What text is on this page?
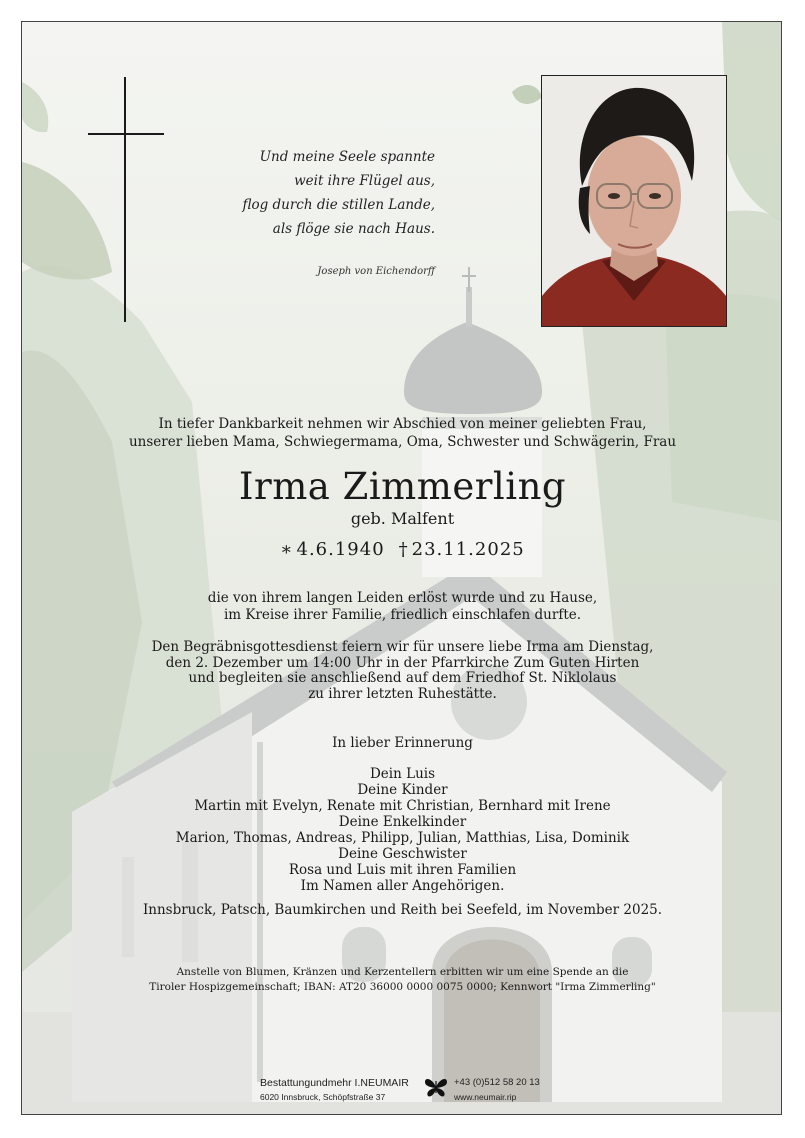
Und meine Seele spannte
weit ihre Flügel aus,
flog durch die stillen Lande,
als flöge sie nach Haus.
Joseph von Eichendorff
In tiefer Dankbarkeit nehmen wir Abschied von meiner geliebten Frau,
unserer lieben Mama, Schwiegermama, Oma, Schwester und Schwägerin, Frau
Irma Zimmerling
geb. Malfent
∗ 4.6.1940 † 23.11.2025
die von ihrem langen Leiden erlöst wurde und zu Hause,
im Kreise ihrer Familie, friedlich einschlafen durfte.
Den Begräbnisgottesdienst feiern wir für unsere liebe Irma am Dienstag,
den 2. Dezember um 14:00 Uhr in der Pfarrkirche Zum Guten Hirten
und begleiten sie anschließend auf dem Friedhof St. Niklolaus
zu ihrer letzten Ruhestätte.
In lieber Erinnerung
Dein Luis
Deine Kinder
Martin mit Evelyn, Renate mit Christian, Bernhard mit Irene
Deine Enkelkinder
Marion, Thomas, Andreas, Philipp, Julian, Matthias, Lisa, Dominik
Deine Geschwister
Rosa und Luis mit ihren Familien
Im Namen aller Angehörigen.
Innsbruck, Patsch, Baumkirchen und Reith bei Seefeld, im November 2025.
Anstelle von Blumen, Kränzen und Kerzentellern erbitten wir um eine Spende an die
Tiroler Hospizgemeinschaft; IBAN: AT20 36000 0000 0075 0000; Kennwort "Irma Zimmerling"
Bestattungundmehr I.NEUMAIR
6020 Innsbruck, Schöpfstraße 37
+43 (0)512 58 20 13
www.neumair.rip
